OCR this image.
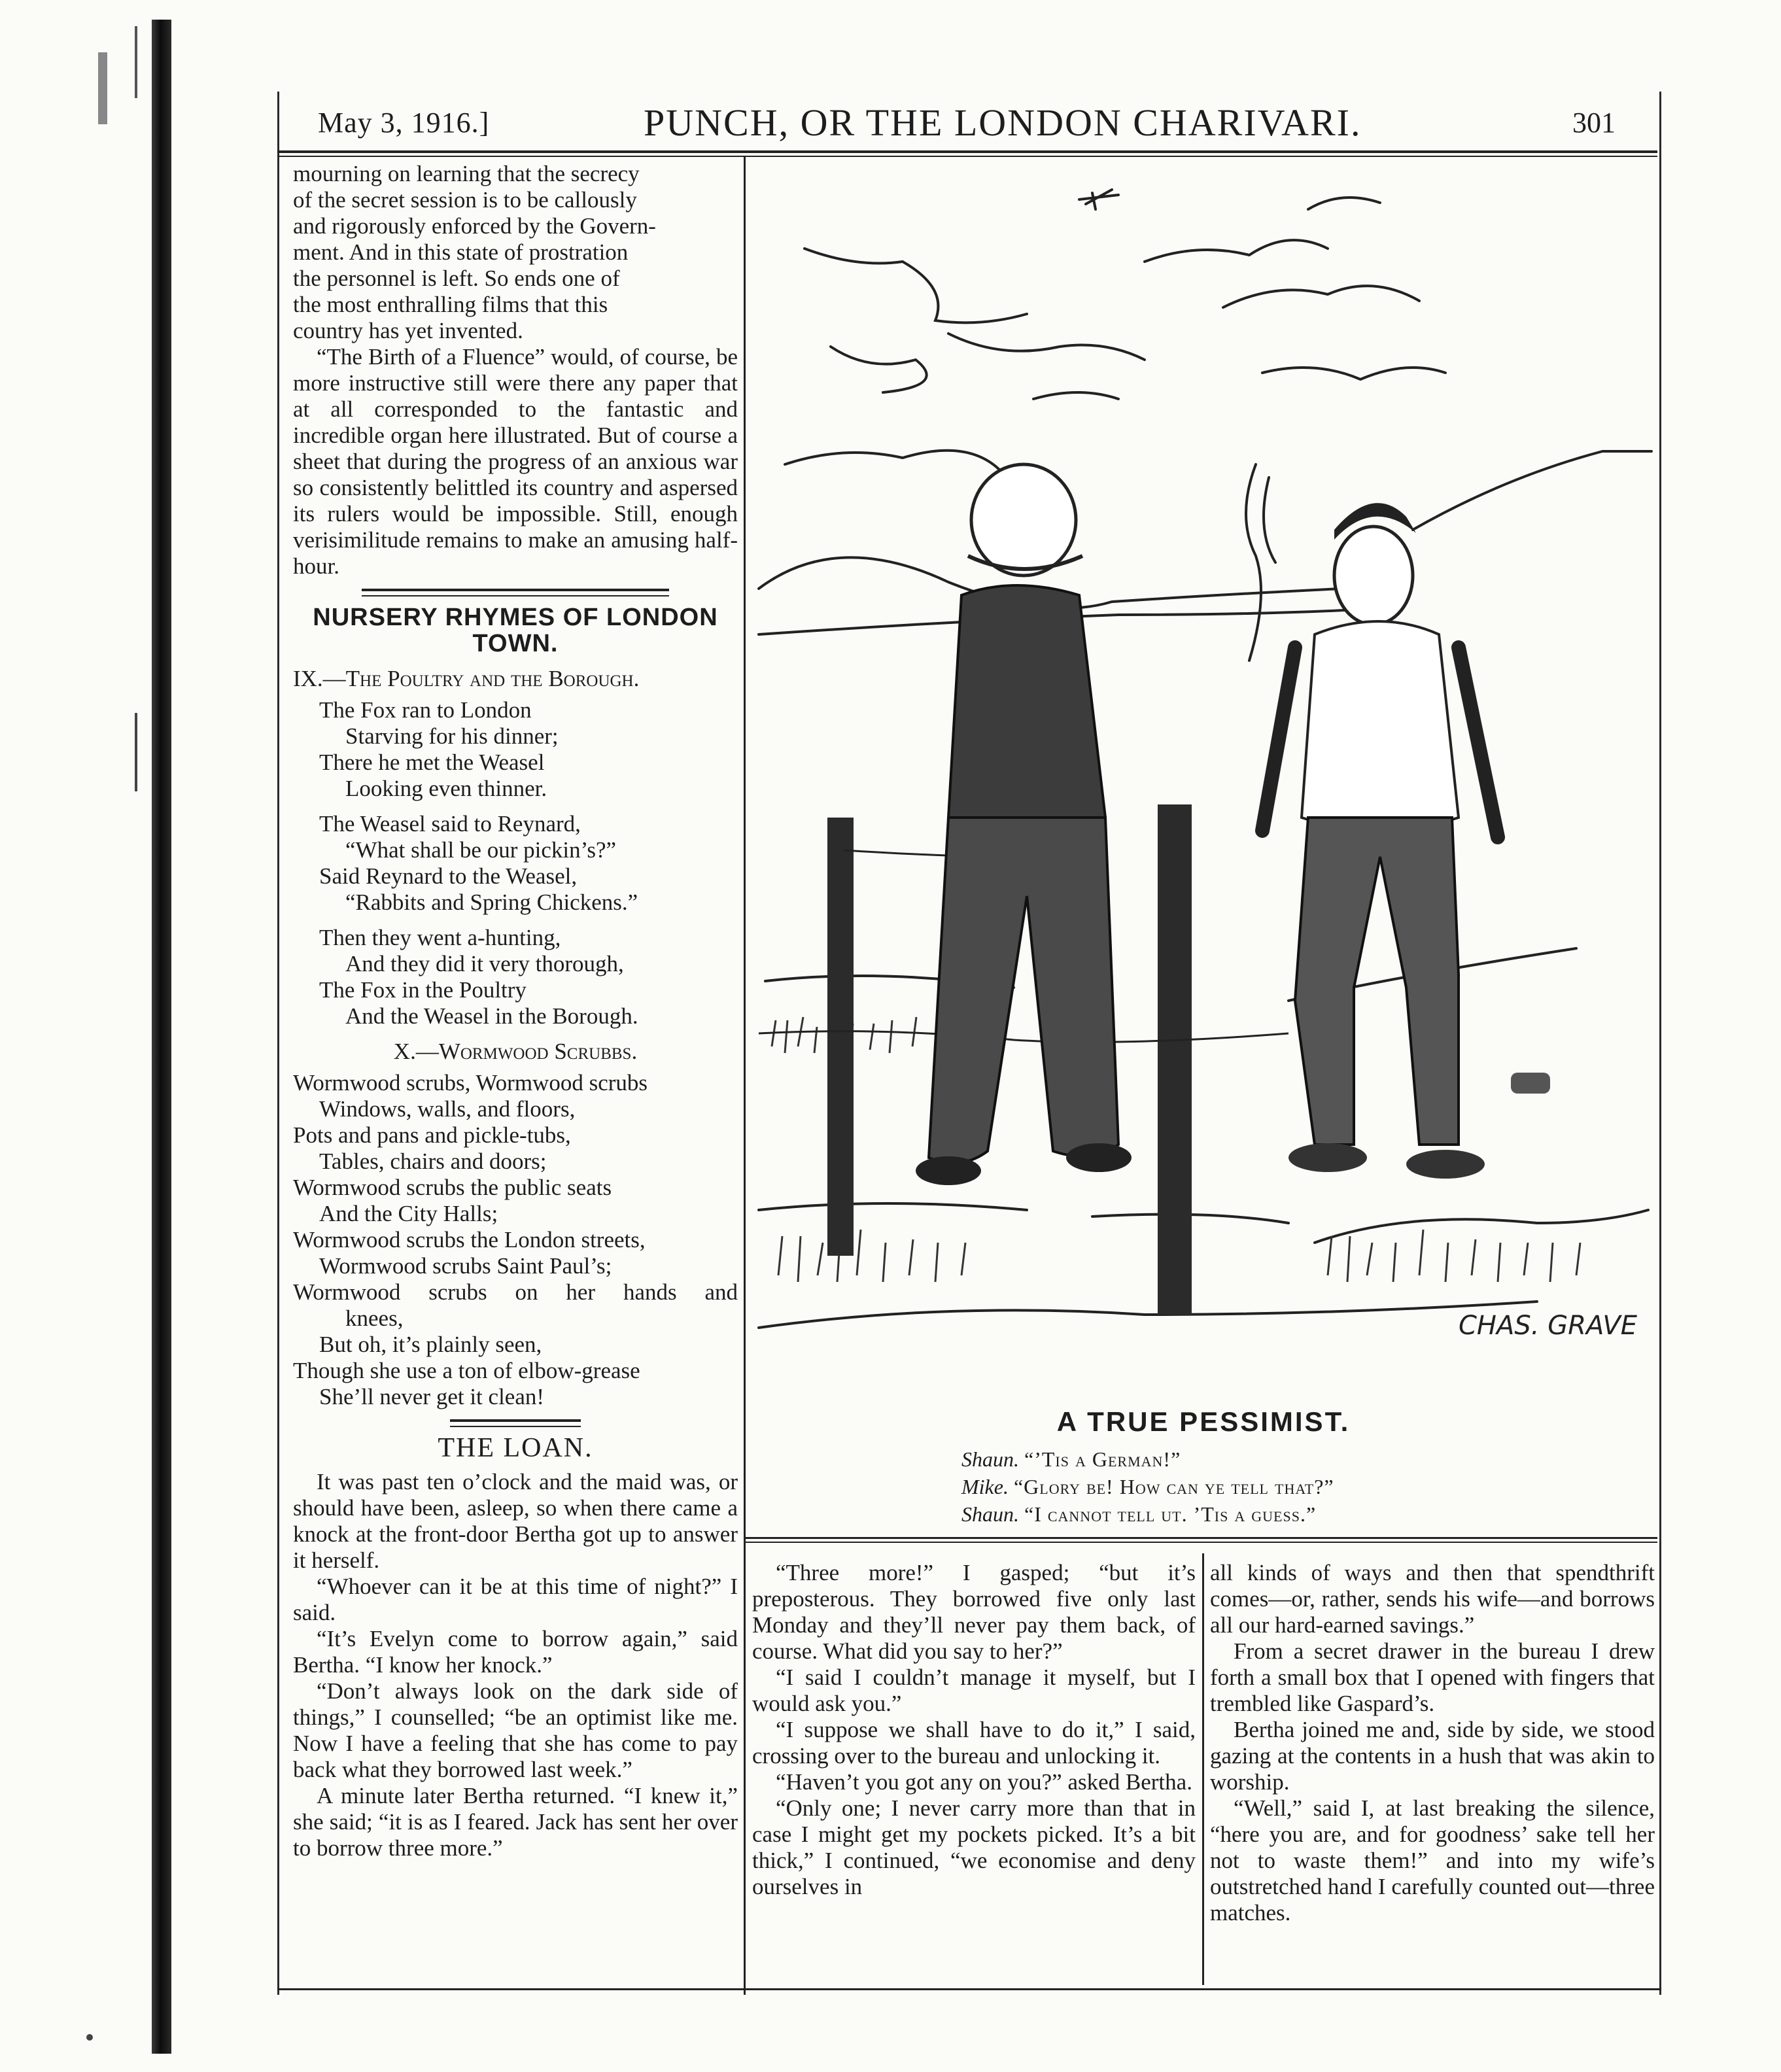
May 3, 1916.]	PUNCH, OR THE LONDON CHARIVARI.	301
mourning on learning that the secrecy
of the secret session is to be callously
and rigorously enforced by the Govern-
ment. And in this state of prostration
the personnel is left. So ends one of
the most enthralling films that this
country has yet invented.

“The Birth of a Fluence” would, of course, be more instructive still were there any paper that at all corresponded to the fantastic and incredible organ here illustrated. But of course a sheet that during the progress of an anxious war so consistently belittled its country and aspersed its rulers would be impossible. Still, enough verisimilitude remains to make an amusing half-hour.

NURSERY RHYMES OF LONDON TOWN.
IX.—The Poultry and the Borough.
The Fox ran to London
Starving for his dinner;
There he met the Weasel
Looking even thinner.
The Weasel said to Reynard,
“What shall be our pickin’s?”
Said Reynard to the Weasel,
“Rabbits and Spring Chickens.”
Then they went a-hunting,
And they did it very thorough,
The Fox in the Poultry
And the Weasel in the Borough.
X.—Wormwood Scrubbs.
Wormwood scrubs, Wormwood scrubs
Windows, walls, and floors,
Pots and pans and pickle-tubs,
Tables, chairs and doors;
Wormwood scrubs the public seats
And the City Halls;
Wormwood scrubs the London streets,
Wormwood scrubs Saint Paul’s;
Wormwood scrubs on her hands and
knees,
But oh, it’s plainly seen,
Though she use a ton of elbow-grease
She’ll never get it clean!
THE LOAN.

It was past ten o’clock and the maid was, or should have been, asleep, so when there came a knock at the front-door Bertha got up to answer it herself.

“Whoever can it be at this time of night?” I said.

“It’s Evelyn come to borrow again,” said Bertha. “I know her knock.”

“Don’t always look on the dark side of things,” I counselled; “be an optimist like me. Now I have a feeling that she has come to pay back what they borrowed last week.”

A minute later Bertha returned. “I knew it,” she said; “it is as I feared. Jack has sent her over to borrow three more.”

CHAS. GRAVE
A TRUE PESSIMIST.
Shaun. “’Tis a German!”
Mike. “Glory be! How can ye tell that?”
Shaun. “I cannot tell ut. ’Tis a guess.”

“Three more!” I gasped; “but it’s preposterous. They borrowed five only last Monday and they’ll never pay them back, of course. What did you say to her?”

“I said I couldn’t manage it myself, but I would ask you.”

“I suppose we shall have to do it,” I said, crossing over to the bureau and unlocking it.

“Haven’t you got any on you?” asked Bertha.

“Only one; I never carry more than that in case I might get my pockets picked. It’s a bit thick,” I continued, “we economise and deny ourselves in

all kinds of ways and then that spendthrift comes—or, rather, sends his wife—and borrows all our hard-earned savings.”

From a secret drawer in the bureau I drew forth a small box that I opened with fingers that trembled like Gaspard’s.

Bertha joined me and, side by side, we stood gazing at the contents in a hush that was akin to worship.

“Well,” said I, at last breaking the silence, “here you are, and for goodness’ sake tell her not to waste them!” and into my wife’s outstretched hand I carefully counted out—three matches.
